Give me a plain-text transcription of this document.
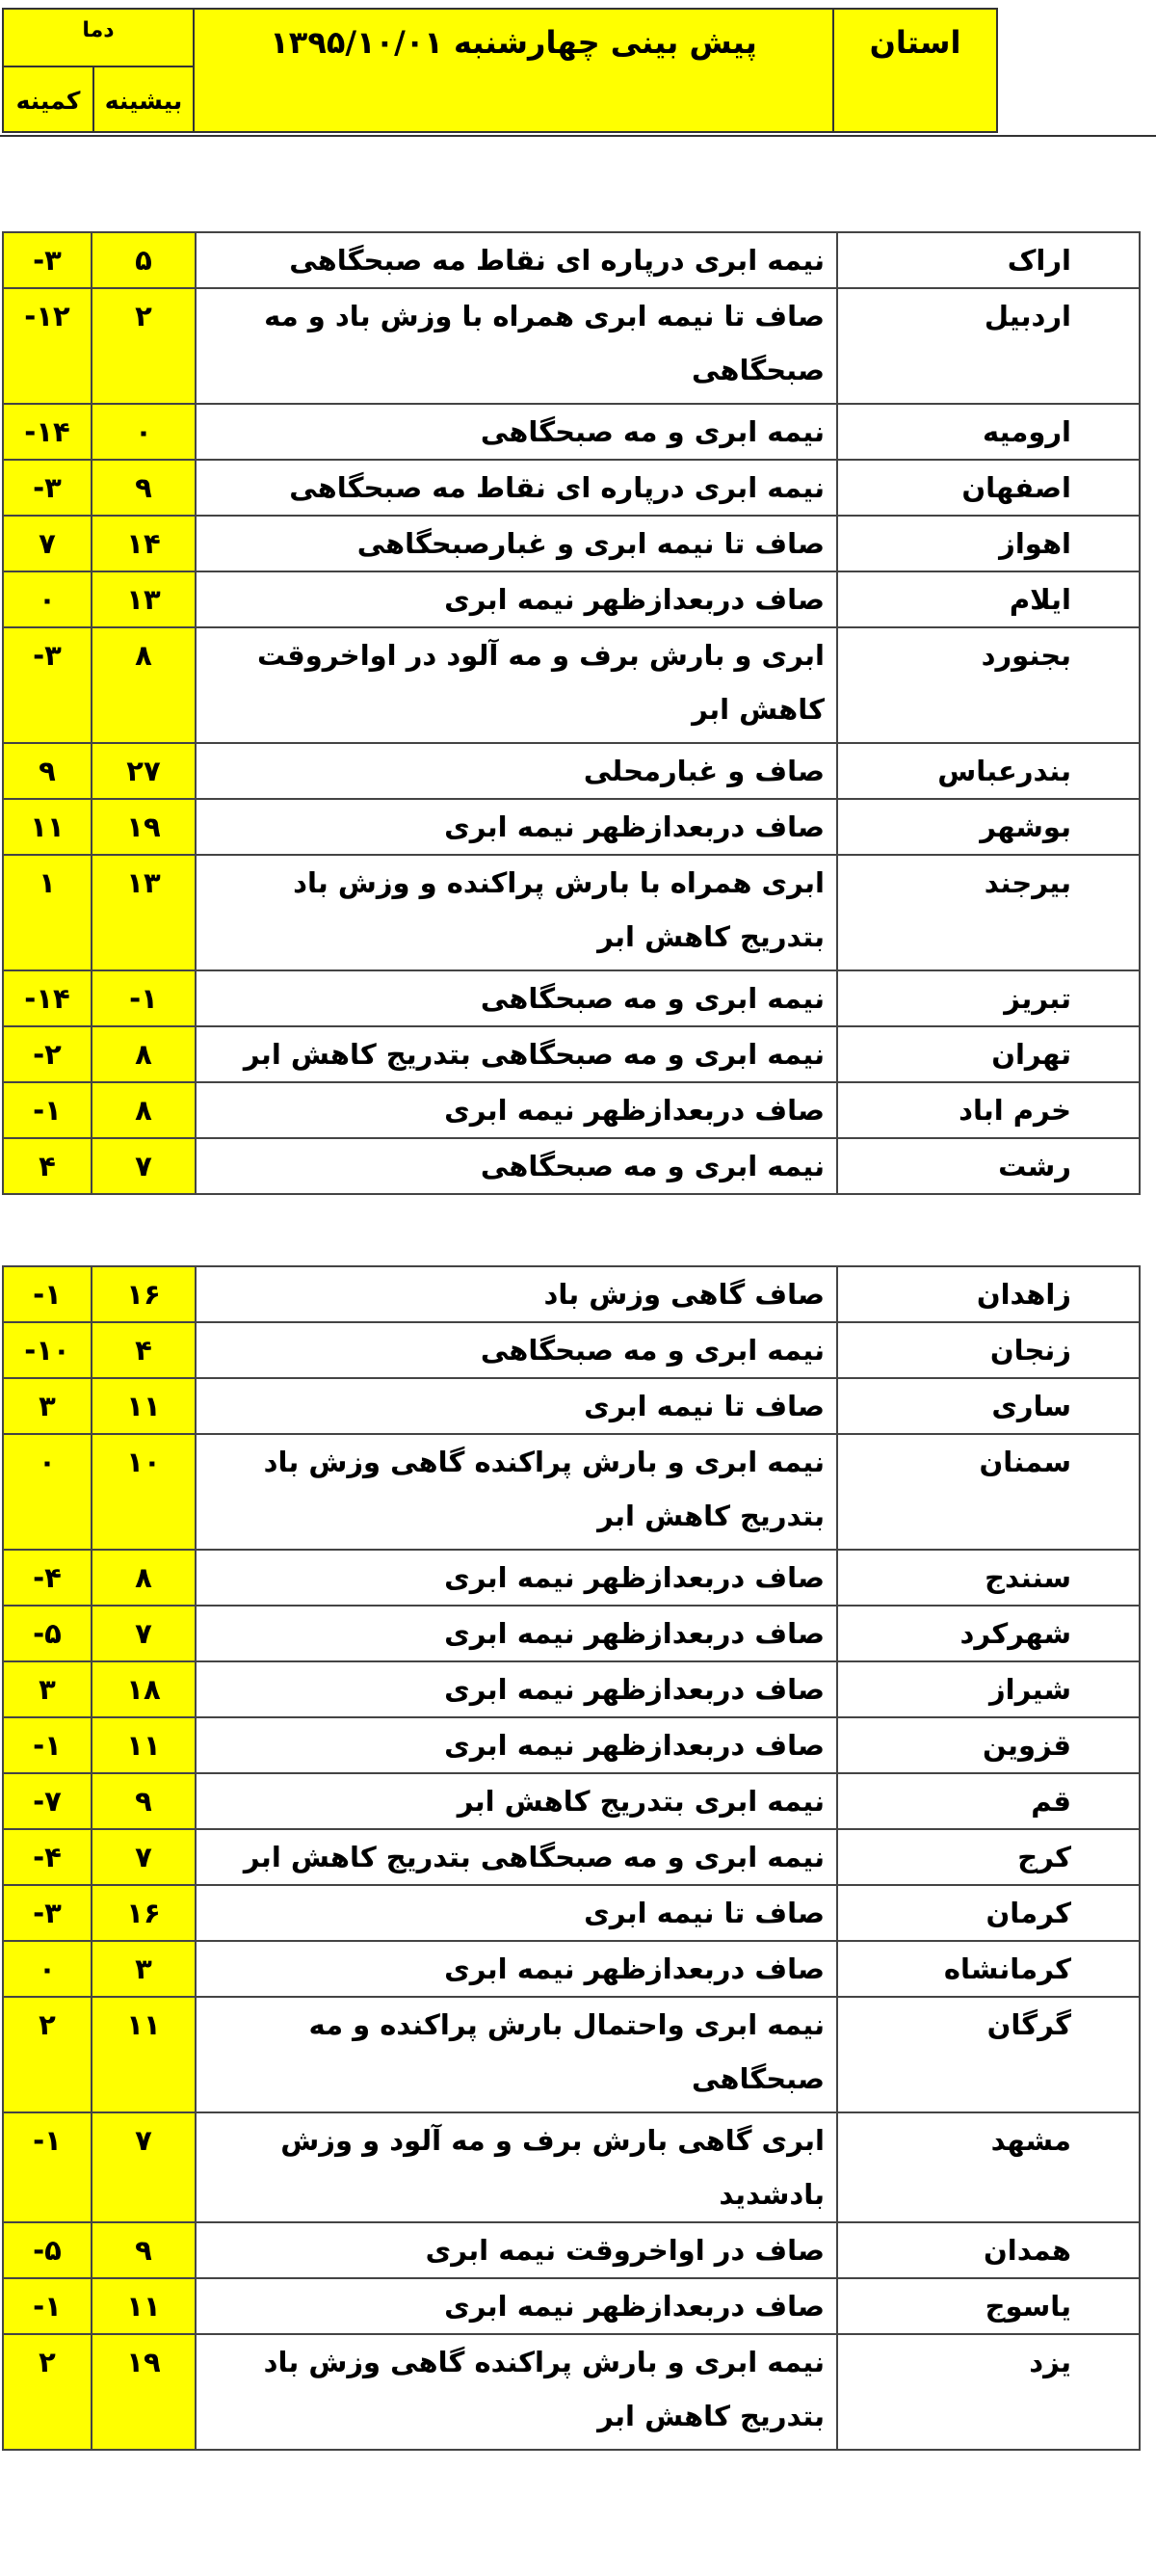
کمینه	بیشینه
دما	پیش بینی چهارشنبه ۱۳۹۵/۱۰/۰۱	استان
-۳	۵	نیمه ابری درپاره ای نقاط مه صبحگاهی	اراک
-۱۲	۲	صاف تا نیمه ابری همراه با وزش باد و مه صبحگاهی	اردبیل
-۱۴	۰	نیمه ابری و مه صبحگاهی	ارومیه
-۳	۹	نیمه ابری درپاره ای نقاط مه صبحگاهی	اصفهان
۷	۱۴	صاف تا نیمه ابری و غبارصبحگاهی	اهواز
۰	۱۳	صاف دربعدازظهر نیمه ابری	ایلام
-۳	۸	ابری و بارش برف و مه آلود در اواخروقت کاهش ابر	بجنورد
۹	۲۷	صاف و غبارمحلی	بندرعباس
۱۱	۱۹	صاف دربعدازظهر نیمه ابری	بوشهر
۱	۱۳	ابری همراه با بارش پراکنده و وزش باد بتدریج کاهش ابر	بیرجند
-۱۴	-۱	نیمه ابری و مه صبحگاهی	تبریز
-۲	۸	نیمه ابری و مه صبحگاهی بتدریج کاهش ابر	تهران
-۱	۸	صاف دربعدازظهر نیمه ابری	خرم اباد
۴	۷	نیمه ابری و مه صبحگاهی	رشت
-۱	۱۶	صاف گاهی وزش باد	زاهدان
-۱۰	۴	نیمه ابری و مه صبحگاهی	زنجان
۳	۱۱	صاف تا نیمه ابری	ساری
۰	۱۰	نیمه ابری و بارش پراکنده گاهی وزش باد بتدریج کاهش ابر	سمنان
-۴	۸	صاف دربعدازظهر نیمه ابری	سنندج
-۵	۷	صاف دربعدازظهر نیمه ابری	شهرکرد
۳	۱۸	صاف دربعدازظهر نیمه ابری	شیراز
-۱	۱۱	صاف دربعدازظهر نیمه ابری	قزوین
-۷	۹	نیمه ابری بتدریج کاهش ابر	قم
-۴	۷	نیمه ابری و مه صبحگاهی بتدریج کاهش ابر	کرج
-۳	۱۶	صاف تا نیمه ابری	کرمان
۰	۳	صاف دربعدازظهر نیمه ابری	کرمانشاه
۲	۱۱	نیمه ابری واحتمال بارش پراکنده و مه صبحگاهی	گرگان
-۱	۷	ابری گاهی بارش برف و مه آلود و وزش بادشدید	مشهد
-۵	۹	صاف در اواخروقت نیمه ابری	همدان
-۱	۱۱	صاف دربعدازظهر نیمه ابری	یاسوج
۲	۱۹	نیمه ابری و بارش پراکنده گاهی وزش باد بتدریج کاهش ابر	یزد
